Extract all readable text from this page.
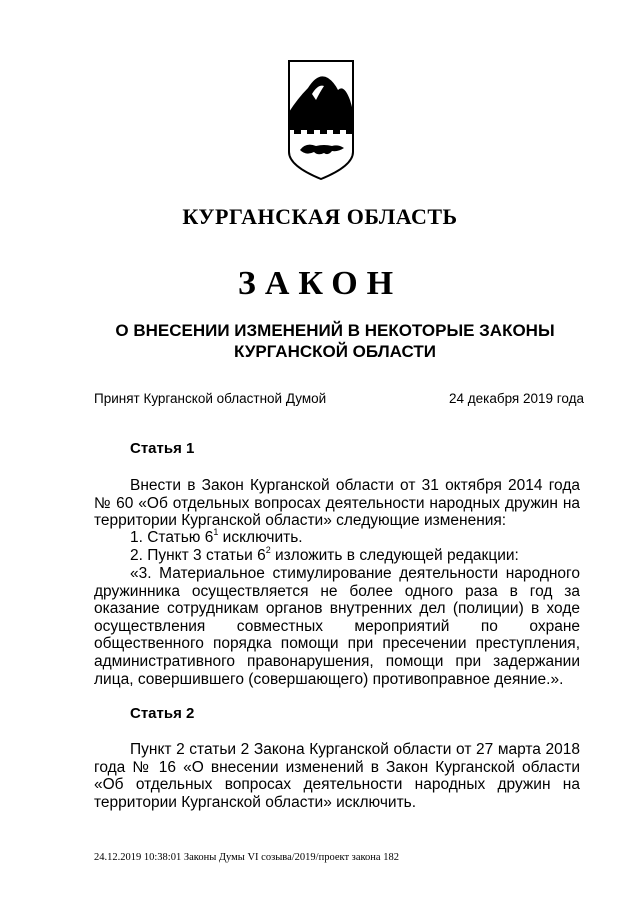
КУРГАНСКАЯ ОБЛАСТЬ
ЗАКОН
О ВНЕСЕНИИ ИЗМЕНЕНИЙ В НЕКОТОРЫЕ ЗАКОНЫ
КУРГАНСКОЙ ОБЛАСТИ
Принят Курганской областной Думой	24 декабря 2019 года
Статья 1

Внести в Закон Курганской области от 31 октября 2014 года № 60 «Об отдельных вопросах деятельности народных дружин на территории Курганской области» следующие изменения:

1. Статью $6^1$ исключить.

2. Пункт 3 статьи $6^2$ изложить в следующей редакции:

«3. Материальное стимулирование деятельности народного дружинника осуществляется не более одного раза в год за оказание сотрудникам органов внутренних дел (полиции) в ходе осуществления совместных мероприятий по охране общественного порядка помощи при пресечении преступления, административного правонарушения, помощи при задержании лица, совершившего (совершающего) противоправное деяние.».

Статья 2

Пункт 2 статьи 2 Закона Курганской области от 27 марта 2018 года № 16 «О внесении изменений в Закон Курганской области «Об отдельных вопросах деятельности народных дружин на территории Курганской области» исключить.

24.12.2019 10:38:01 Законы Думы VI созыва/2019/проект закона 182
